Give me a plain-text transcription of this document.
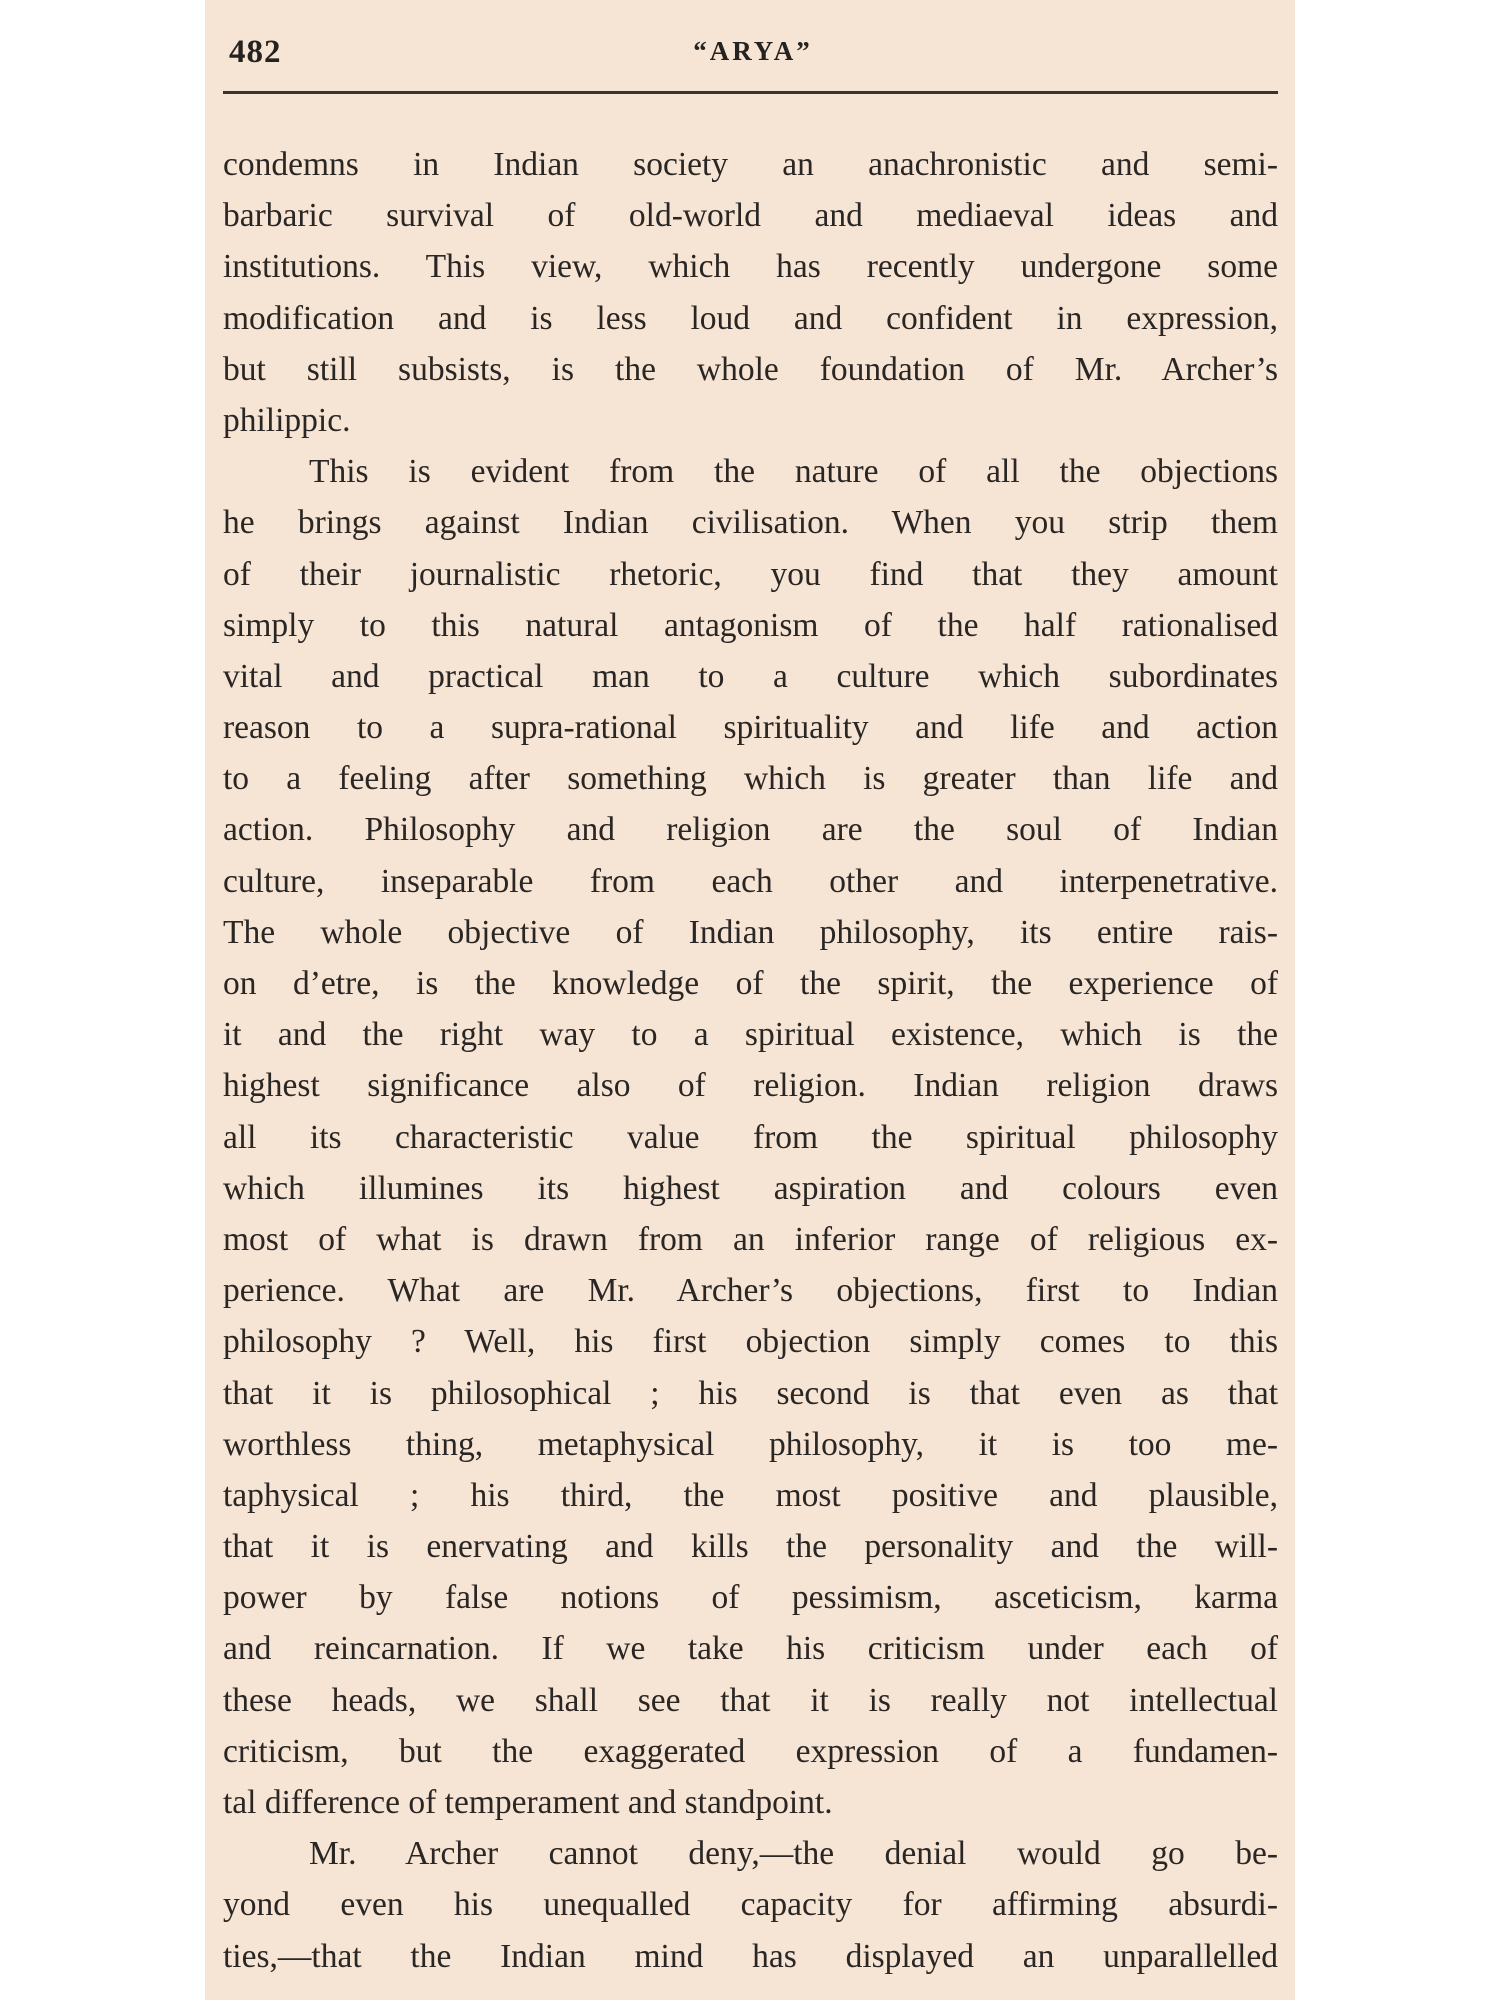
482	“ARYA”
condemns in Indian society an anachronistic and semi-
barbaric survival of old-world and mediaeval ideas and
institutions. This view, which has recently undergone some
modification and is less loud and confident in expression,
but still subsists, is the whole foundation of Mr. Archer’s
philippic.
This is evident from the nature of all the objections
he brings against Indian civilisation. When you strip them
of their journalistic rhetoric, you find that they amount
simply to this natural antagonism of the half rationalised
vital and practical man to a culture which subordinates
reason to a supra-rational spirituality and life and action
to a feeling after something which is greater than life and
action. Philosophy and religion are the soul of Indian
culture, inseparable from each other and interpenetrative.
The whole objective of Indian philosophy, its entire rais-
on d’etre, is the knowledge of the spirit, the experience of
it and the right way to a spiritual existence, which is the
highest significance also of religion. Indian religion draws
all its characteristic value from the spiritual philosophy
which illumines its highest aspiration and colours even
most of what is drawn from an inferior range of religious ex-
perience. What are Mr. Archer’s objections, first to Indian
philosophy ? Well, his first objection simply comes to this
that it is philosophical ; his second is that even as that
worthless thing, metaphysical philosophy, it is too me-
taphysical ; his third, the most positive and plausible,
that it is enervating and kills the personality and the will-
power by false notions of pessimism, asceticism, karma
and reincarnation. If we take his criticism under each of
these heads, we shall see that it is really not intellectual
criticism, but the exaggerated expression of a fundamen-
tal difference of temperament and standpoint.
Mr. Archer cannot deny,—the denial would go be-
yond even his unequalled capacity for affirming absurdi-
ties,—that the Indian mind has displayed an unparallelled
